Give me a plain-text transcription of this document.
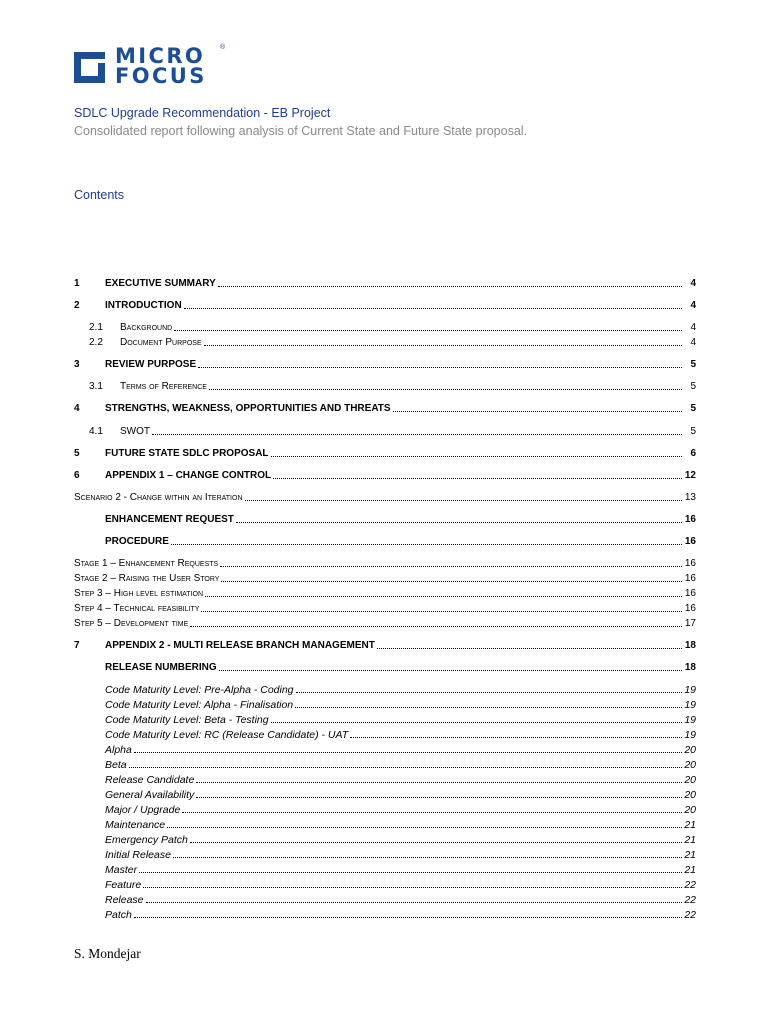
MICRO
FOCUS
®
SDLC Upgrade Recommendation - EB Project
Consolidated report following analysis of Current State and Future State proposal.
Contents
1	EXECUTIVE SUMMARY	4
2	INTRODUCTION	4
2.1	Background	4
2.2	Document Purpose	4
3	REVIEW PURPOSE	5
3.1	Terms of Reference	5
4	STRENGTHS, WEAKNESS, OPPORTUNITIES AND THREATS	5
4.1	SWOT	5
5	FUTURE STATE SDLC PROPOSAL	6
6	APPENDIX 1 – CHANGE CONTROL	12
Scenario 2 - Change within an Iteration	13
ENHANCEMENT REQUEST	16
PROCEDURE	16
Stage 1 – Enhancement Requests	16
Stage 2 – Raising the User Story	16
Step 3 – High level estimation	16
Step 4 – Technical feasibility	16
Step 5 – Development time	17
7	APPENDIX 2 - MULTI RELEASE BRANCH MANAGEMENT	18
RELEASE NUMBERING	18
Code Maturity Level: Pre-Alpha - Coding	19
Code Maturity Level: Alpha - Finalisation	19
Code Maturity Level: Beta - Testing	19
Code Maturity Level: RC (Release Candidate) - UAT	19
Alpha	20
Beta	20
Release Candidate	20
General Availability	20
Major / Upgrade	20
Maintenance	21
Emergency Patch	21
Initial Release	21
Master	21
Feature	22
Release	22
Patch	22
S. Mondejar
